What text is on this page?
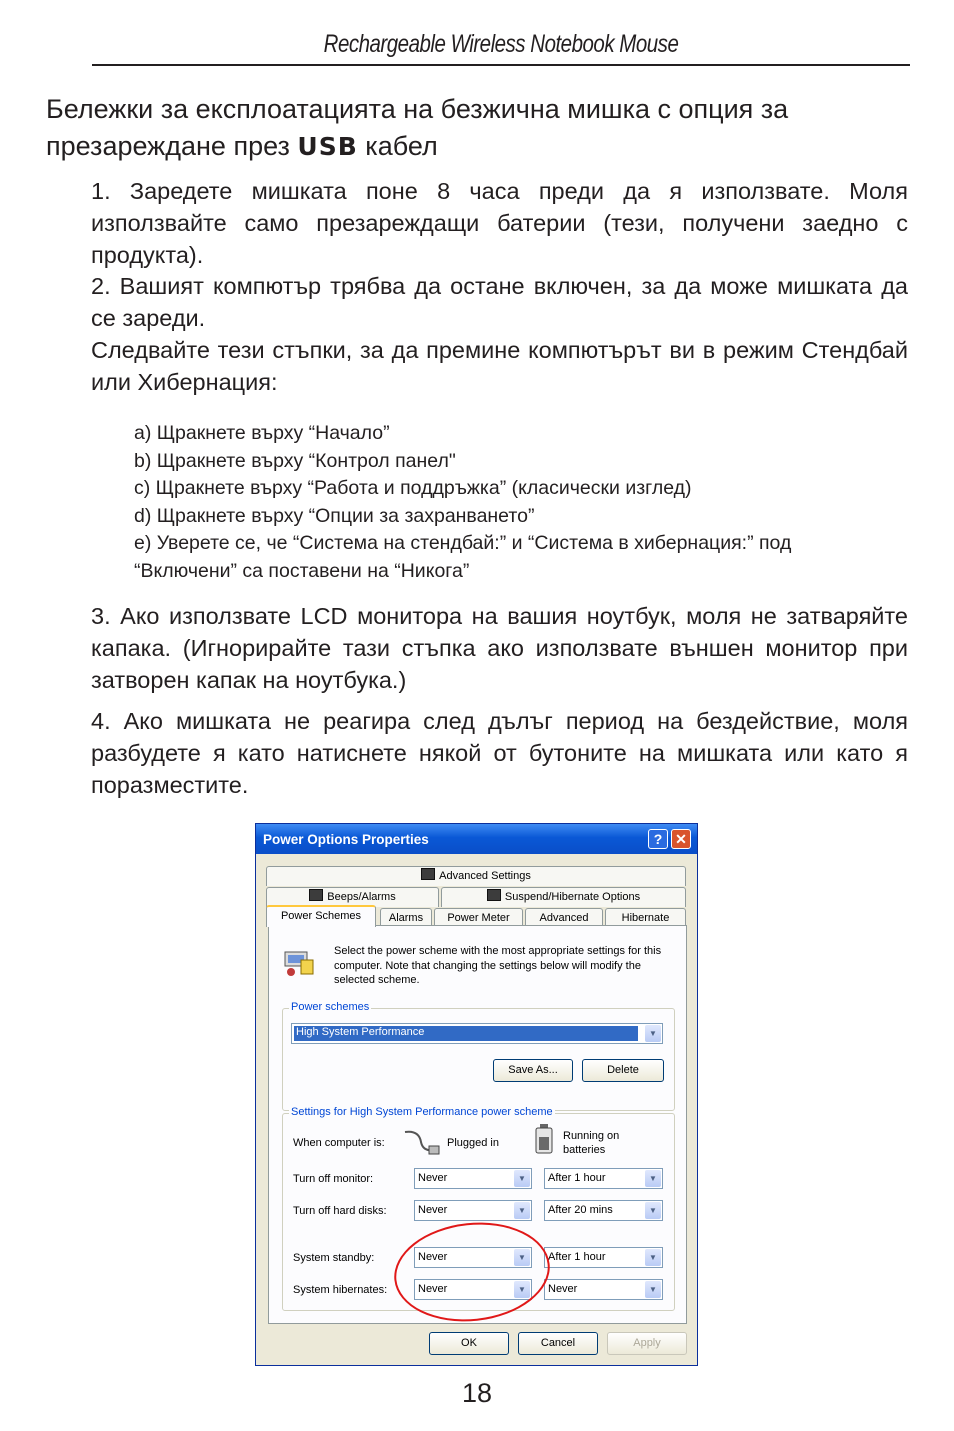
Rechargeable Wireless Notebook Mouse
Бележки за експлоатацията на безжична мишка с опция за
презареждане през USB кабел

1. Заредете мишката поне 8 часа преди да я използвате. Моля използвайте само презареждащи батерии (тези, получени заедно с продукта).

2. Вашият компютър трябва да остане включен, за да може мишката да се зареди.

Следвайте тези стъпки, за да премине компютърът ви в режим Стендбай или Хибернация:

a) Щракнете върху “Начало”
b) Щракнете върху “Контрол панел"
c) Щракнете върху “Работа и поддръжка” (класически изглед)
d) Щракнете върху “Опции за захранването”
e) Уверете се, че “Система на стендбай:” и “Система в хибернация:” под
“Включени” са поставени на “Никога”

3. Ако използвате LCD монитора на вашия ноутбук, моля не затваряйте капака. (Игнорирайте тази стъпка ако използвате външен монитор при затворен капак на ноутбука.)

4. Ако мишката не реагира след дълъг период на бездействие, моля разбудете я като натиснете някой от бутоните на мишката или като я поразместите.

Power Options Properties	? ✕
Advanced Settings
Beeps/Alarms	Suspend/Hibernate Options
Power Schemes	Alarms	Power Meter	Advanced	Hibernate
Select the power scheme with the most appropriate settings for this computer. Note that changing the settings below will modify the selected scheme.
Power schemes
High System Performance	▼
Save As...	Delete
Settings for High System Performance power scheme
When computer is:	Plugged in
Running on
batteries
Turn off monitor:	Never	▼	After 1 hour	▼
Turn off hard disks:	Never	▼	After 20 mins	▼
System standby:	Never	▼	After 1 hour	▼
System hibernates:	Never	▼	Never	▼
OK	Cancel	Apply
18
